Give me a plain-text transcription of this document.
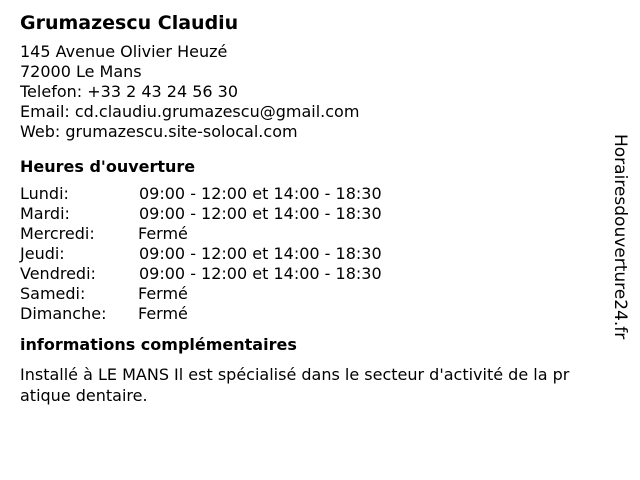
Grumazescu Claudiu
145 Avenue Olivier Heuzé
72000 Le Mans
Telefon: +33 2 43 24 56 30
Email: cd.claudiu.grumazescu@gmail.com
Web: grumazescu.site-solocal.com
Heures d'ouverture
Lundi:	09:00 - 12:00 et 14:00 - 18:30
Mardi:	09:00 - 12:00 et 14:00 - 18:30
Mercredi:	Fermé
Jeudi:	09:00 - 12:00 et 14:00 - 18:30
Vendredi:	09:00 - 12:00 et 14:00 - 18:30
Samedi:	Fermé
Dimanche: Fermé
informations complémentaires
Installé à LE MANS Il est spécialisé dans le secteur d'activité de la pratique dentaire.
Horairesdouverture24.fr
